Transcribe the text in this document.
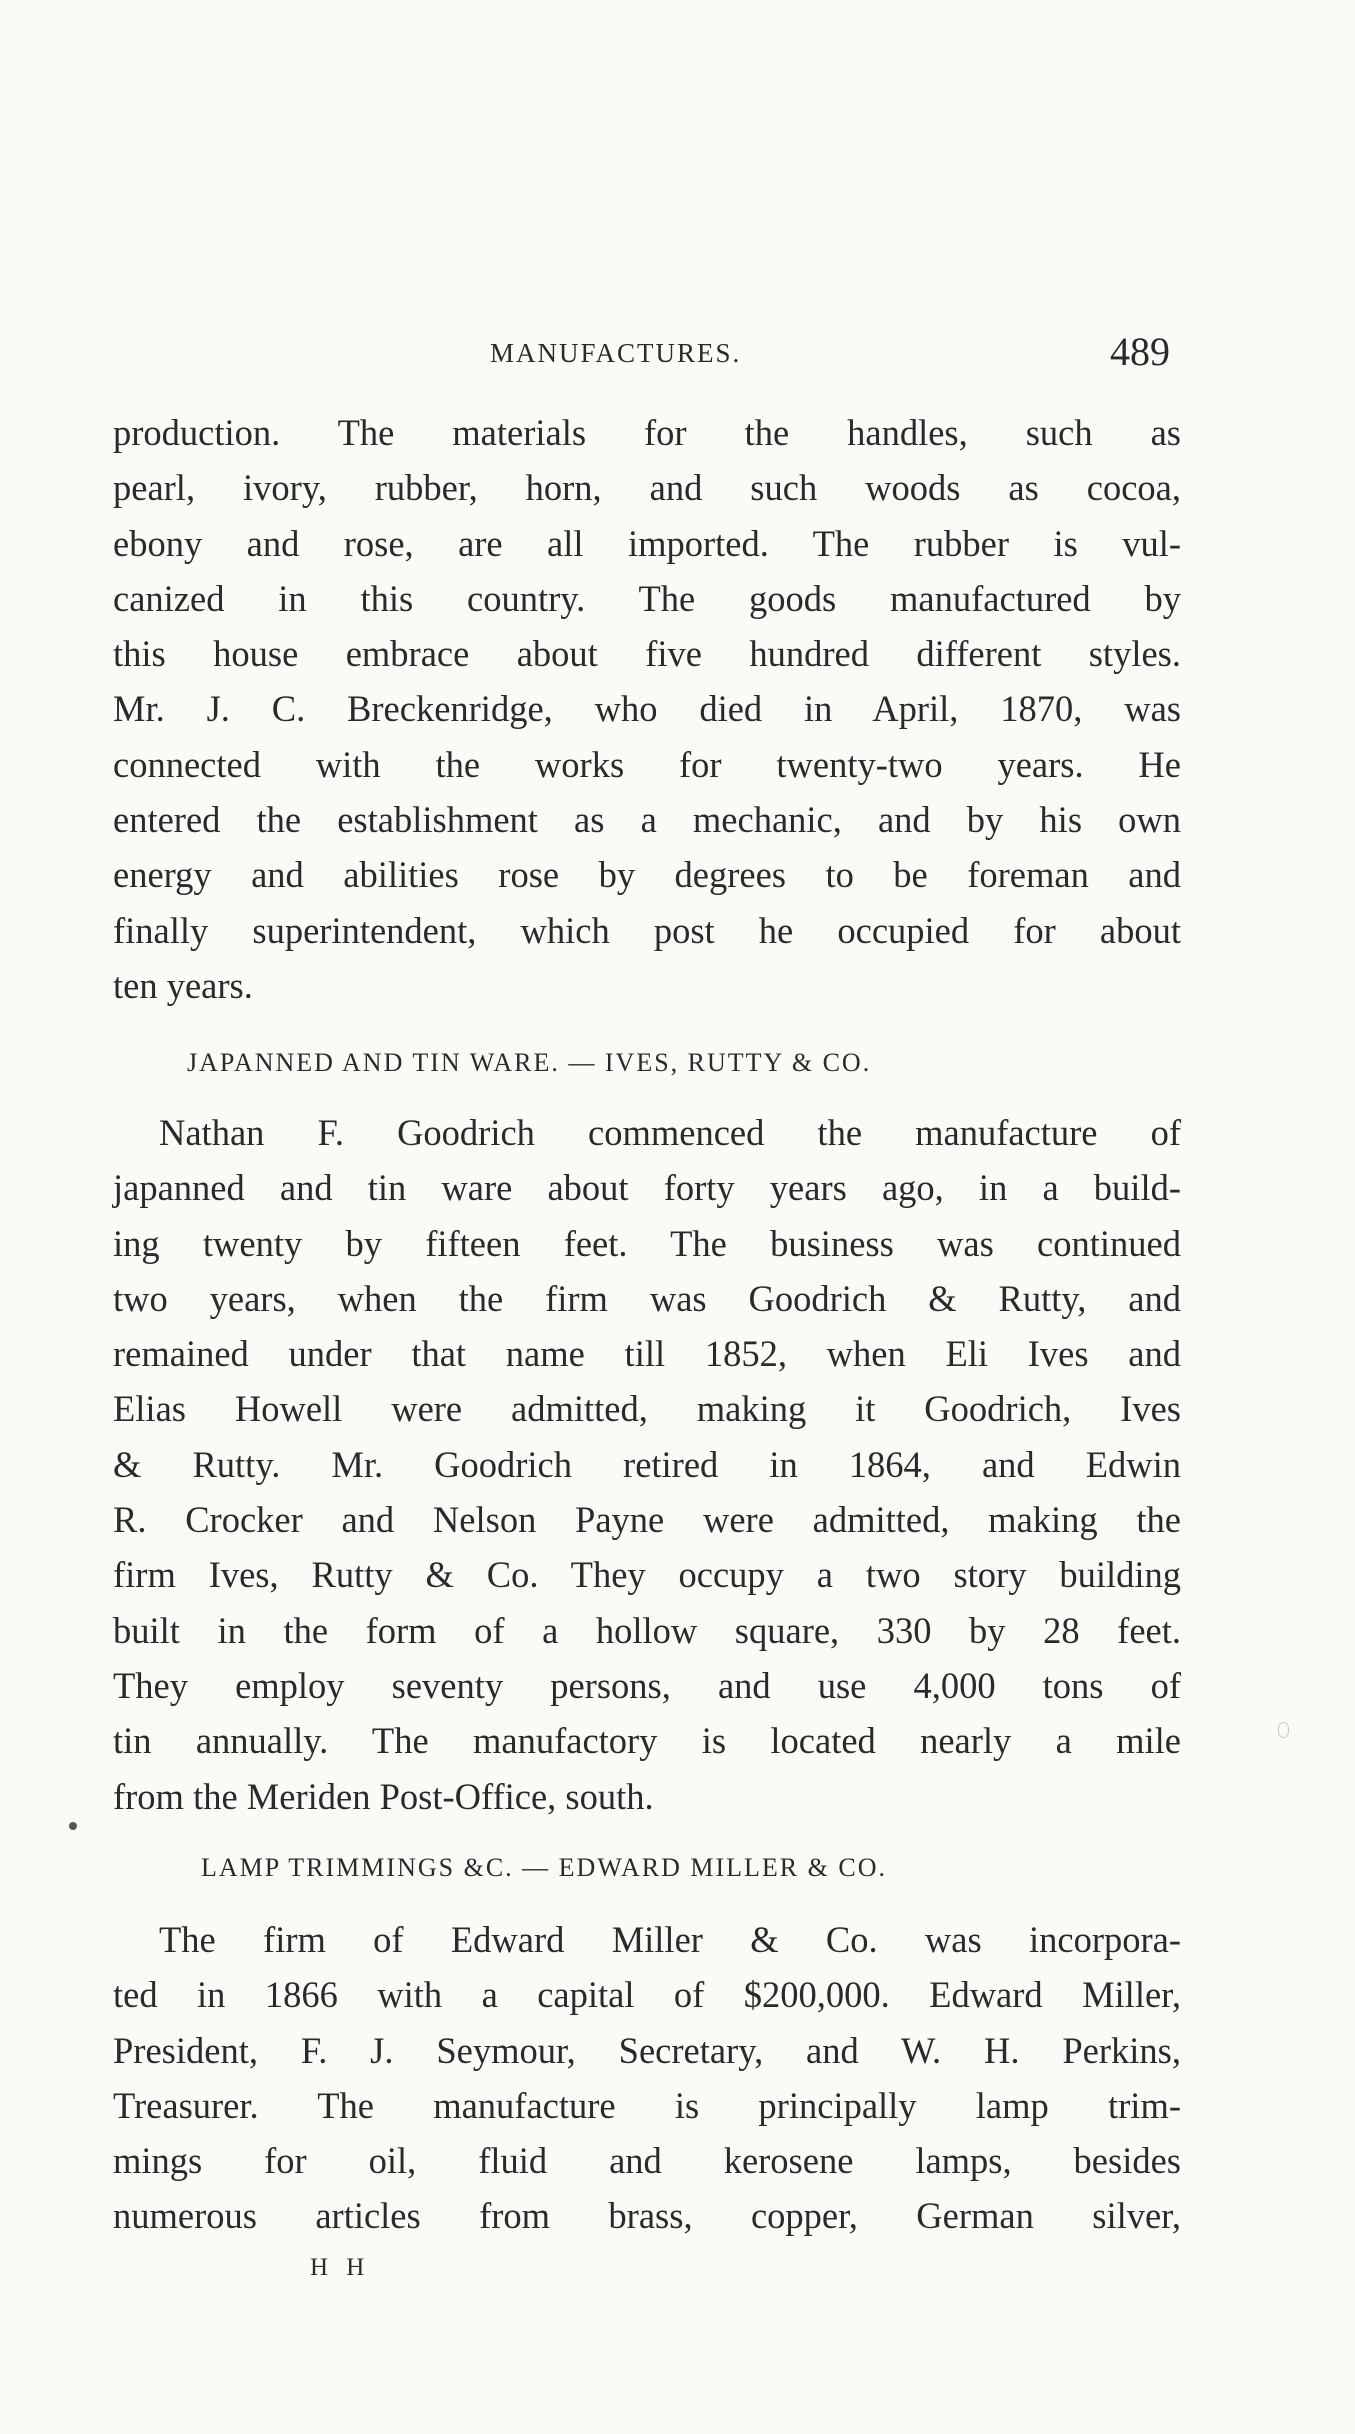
MANUFACTURES.	489
production. The materials for the handles, such as
pearl, ivory, rubber, horn, and such woods as cocoa,
ebony and rose, are all imported. The rubber is vul-
canized in this country. The goods manufactured by
this house embrace about five hundred different styles.
Mr. J. C. Breckenridge, who died in April, 1870, was
connected with the works for twenty-two years. He
entered the establishment as a mechanic, and by his own
energy and abilities rose by degrees to be foreman and
finally superintendent, which post he occupied for about
ten years.
JAPANNED AND TIN WARE. — IVES, RUTTY & CO.
Nathan F. Goodrich commenced the manufacture of
japanned and tin ware about forty years ago, in a build-
ing twenty by fifteen feet. The business was continued
two years, when the firm was Goodrich & Rutty, and
remained under that name till 1852, when Eli Ives and
Elias Howell were admitted, making it Goodrich, Ives
& Rutty. Mr. Goodrich retired in 1864, and Edwin
R. Crocker and Nelson Payne were admitted, making the
firm Ives, Rutty & Co. They occupy a two story building
built in the form of a hollow square, 330 by 28 feet.
They employ seventy persons, and use 4,000 tons of
tin annually. The manufactory is located nearly a mile
from the Meriden Post-Office, south.
LAMP TRIMMINGS &C. — EDWARD MILLER & CO.
The firm of Edward Miller & Co. was incorpora-
ted in 1866 with a capital of $200,000. Edward Miller,
President, F. J. Seymour, Secretary, and W. H. Perkins,
Treasurer. The manufacture is principally lamp trim-
mings for oil, fluid and kerosene lamps, besides
numerous articles from brass, copper, German silver,
H H
